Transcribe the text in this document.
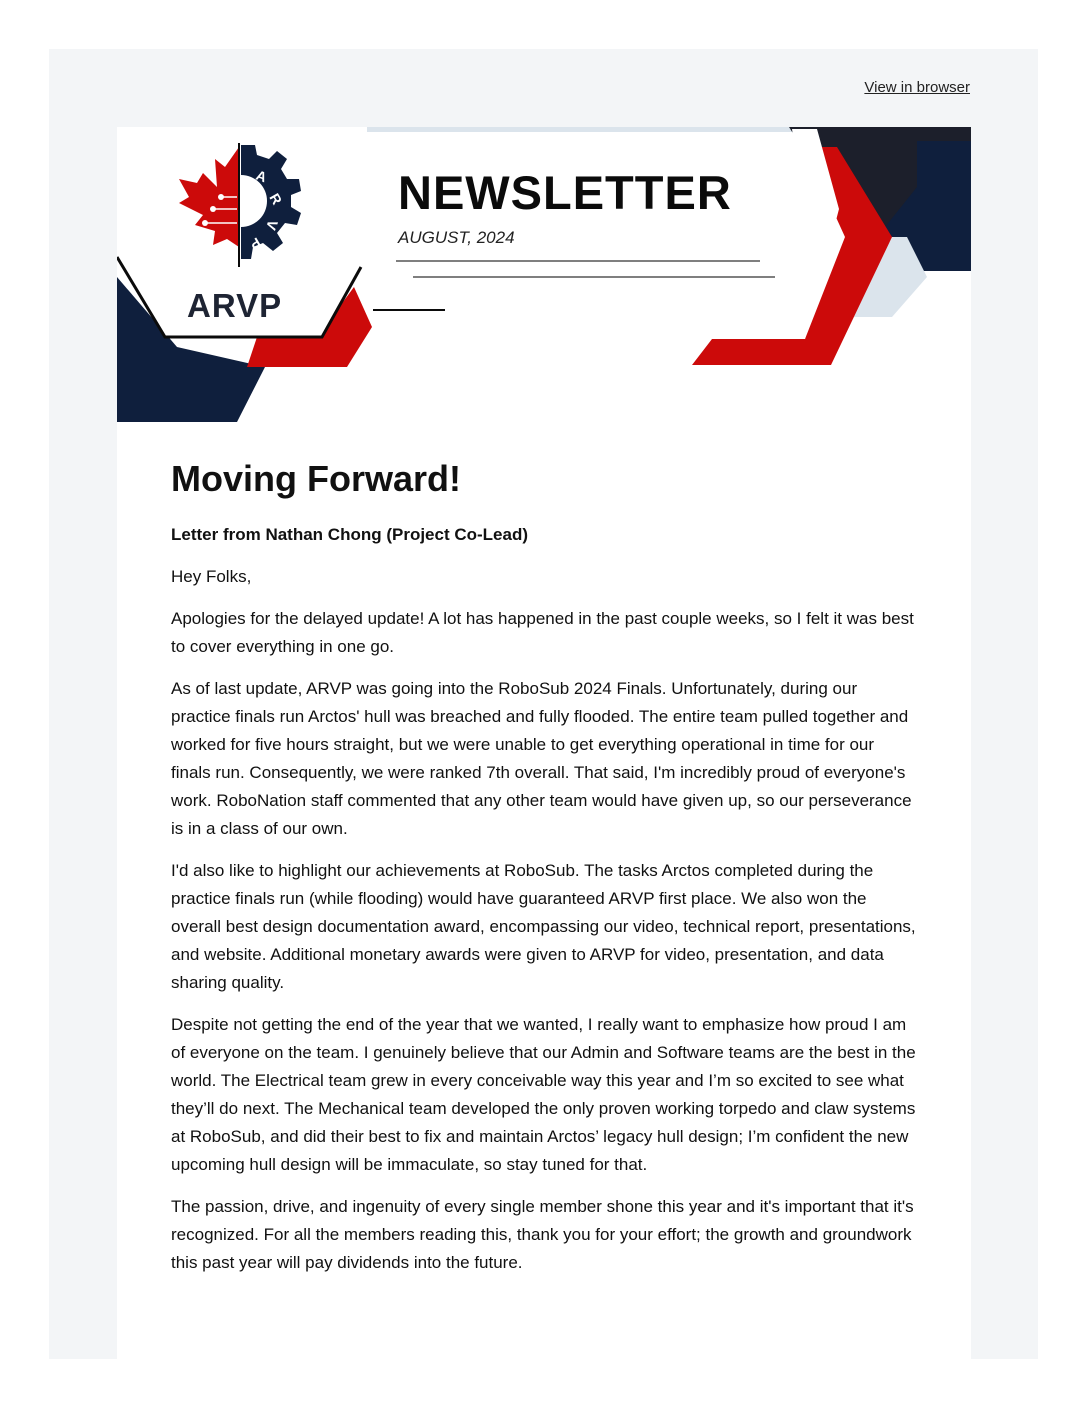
View in browser
A
R
V
P
ARVP
NEWSLETTER
AUGUST, 2024
Moving Forward!
Letter from Nathan Chong (Project Co-Lead)

Hey Folks,

Apologies for the delayed update! A lot has happened in the past couple weeks, so I felt it was best to cover everything in one go.

As of last update, ARVP was going into the RoboSub 2024 Finals. Unfortunately, during our practice finals run Arctos' hull was breached and fully flooded. The entire team pulled together and worked for five hours straight, but we were unable to get everything operational in time for our finals run. Consequently, we were ranked 7th overall. That said, I'm incredibly proud of everyone's work. RoboNation staff commented that any other team would have given up, so our perseverance is in a class of our own.

I'd also like to highlight our achievements at RoboSub. The tasks Arctos completed during the practice finals run (while flooding) would have guaranteed ARVP first place. We also won the overall best design documentation award, encompassing our video, technical report, presentations, and website. Additional monetary awards were given to ARVP for video, presentation, and data sharing quality.

Despite not getting the end of the year that we wanted, I really want to emphasize how proud I am of everyone on the team. I genuinely believe that our Admin and Software teams are the best in the world. The Electrical team grew in every conceivable way this year and I’m so excited to see what they’ll do next. The Mechanical team developed the only proven working torpedo and claw systems at RoboSub, and did their best to fix and maintain Arctos’ legacy hull design; I’m confident the new upcoming hull design will be immaculate, so stay tuned for that.

The passion, drive, and ingenuity of every single member shone this year and it's important that it's recognized. For all the members reading this, thank you for your effort; the growth and groundwork this past year will pay dividends into the future.
